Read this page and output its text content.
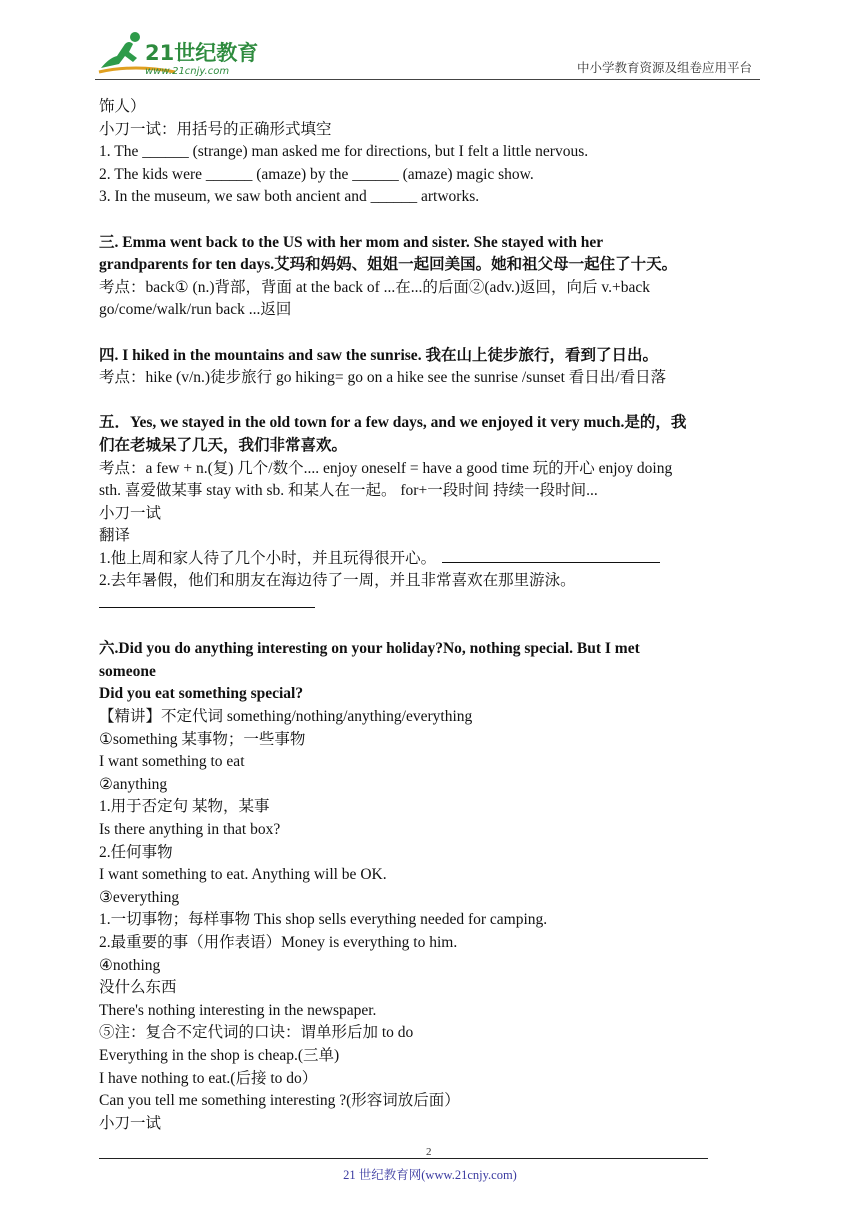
21世纪教育
www.21cnjy.com	中小学教育资源及组卷应用平台
饰人）
小刀一试：用括号的正确形式填空
1. The ______ (strange) man asked me for directions, but I felt a little nervous.
2. The kids were ______ (amaze) by the ______ (amaze) magic show.
3. In the museum, we saw both ancient and ______ artworks.
三. Emma went back to the US with her mom and sister. She stayed with her
grandparents for ten days.艾玛和妈妈、姐姐一起回美国。她和祖父母一起住了十天。
考点：back① (n.)背部，背面 at the back of ...在...的后面②(adv.)返回，向后 v.+back
go/come/walk/run back ...返回
四. I hiked in the mountains and saw the sunrise. 我在山上徒步旅行，看到了日出。
考点：hike (v/n.)徒步旅行 go hiking= go on a hike see the sunrise /sunset 看日出/看日落
五．Yes, we stayed in the old town for a few days, and we enjoyed it very much.是的，我
们在老城呆了几天，我们非常喜欢。
考点：a few + n.(复) 几个/数个.... enjoy oneself = have a good time 玩的开心 enjoy doing
sth. 喜爱做某事 stay with sb. 和某人在一起。 for+一段时间 持续一段时间...
小刀一试
翻译
1.他上周和家人待了几个小时，并且玩得很开心。
2.去年暑假，他们和朋友在海边待了一周，并且非常喜欢在那里游泳。
六.Did you do anything interesting on your holiday?No, nothing special. But I met
someone
Did you eat something special?
【精讲】不定代词 something/nothing/anything/everything
①something 某事物；一些事物
I want something to eat
②anything
1.用于否定句 某物，某事
Is there anything in that box?
2.任何事物
I want something to eat. Anything will be OK.
③everything
1.一切事物；每样事物 This shop sells everything needed for camping.
2.最重要的事（用作表语）Money is everything to him.
④nothing
没什么东西
There's nothing interesting in the newspaper.
⑤注：复合不定代词的口诀：谓单形后加 to do
Everything in the shop is cheap.(三单)
I have nothing to eat.(后接 to do）
Can you tell me something interesting ?(形容词放后面）
小刀一试
2
21 世纪教育网(www.21cnjy.com)
